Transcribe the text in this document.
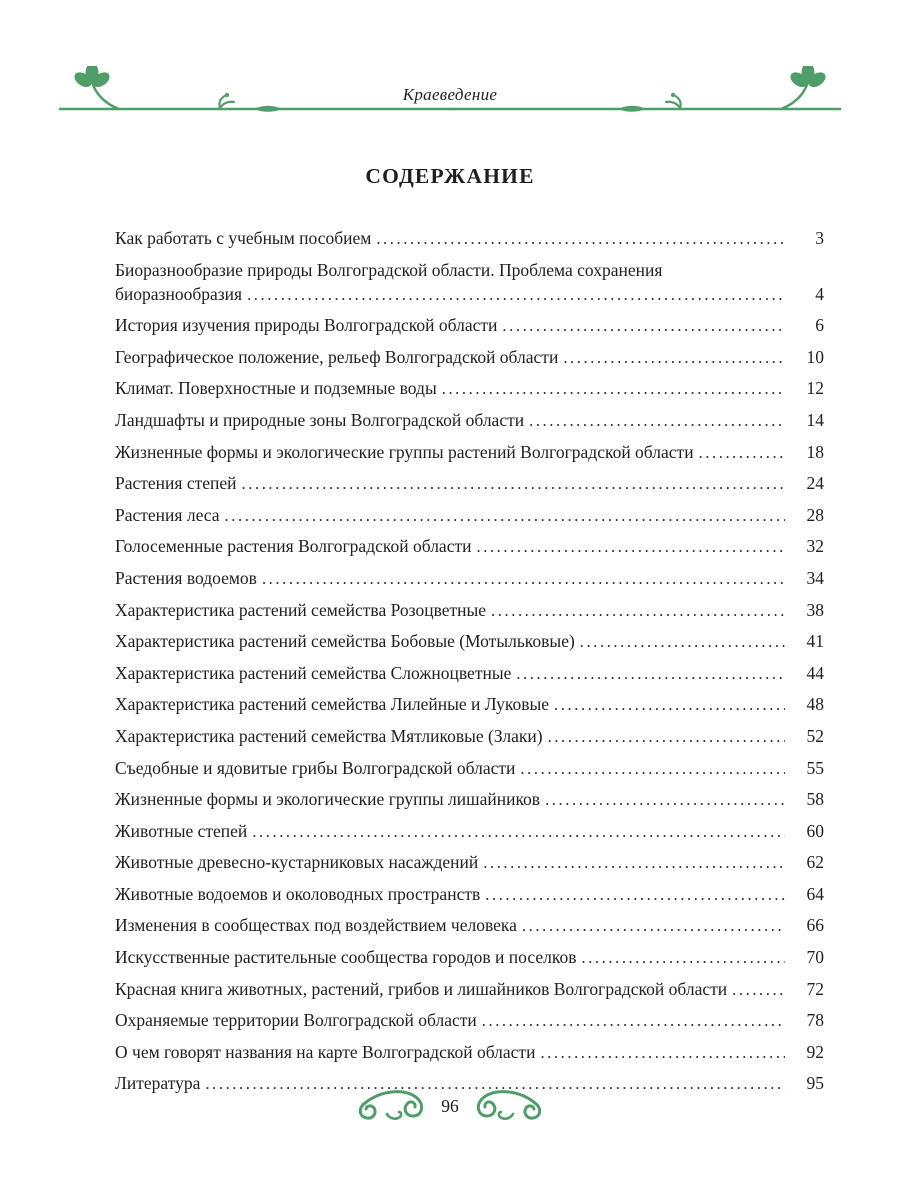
Краеведение
СОДЕРЖАНИЕ
Как работать с учебным пособием .....	3
Биоразнообразие природы Волгоградской области. Проблема сохранения
биоразнообразия .....	4
История изучения природы Волгоградской области .....	6
Географическое положение, рельеф Волгоградской области .....	10
Климат. Поверхностные и подземные воды .....	12
Ландшафты и природные зоны Волгоградской области .....	14
Жизненные формы и экологические группы растений Волгоградской области .....	18
Растения степей .....	24
Растения леса .....	28
Голосеменные растения Волгоградской области .....	32
Растения водоемов .....	34
Характеристика растений семейства Розоцветные .....	38
Характеристика растений семейства Бобовые (Мотыльковые) .....	41
Характеристика растений семейства Сложноцветные .....	44
Характеристика растений семейства Лилейные и Луковые .....	48
Характеристика растений семейства Мятликовые (Злаки) .....	52
Съедобные и ядовитые грибы Волгоградской области .....	55
Жизненные формы и экологические группы лишайников .....	58
Животные степей .....	60
Животные древесно-кустарниковых насаждений .....	62
Животные водоемов и околоводных пространств .....	64
Изменения в сообществах под воздействием человека .....	66
Искусственные растительные сообщества городов и поселков .....	70
Красная книга животных, растений, грибов и лишайников Волгоградской области .....	72
Охраняемые территории Волгоградской области .....	78
О чем говорят названия на карте Волгоградской области .....	92
Литература .....	95
96
